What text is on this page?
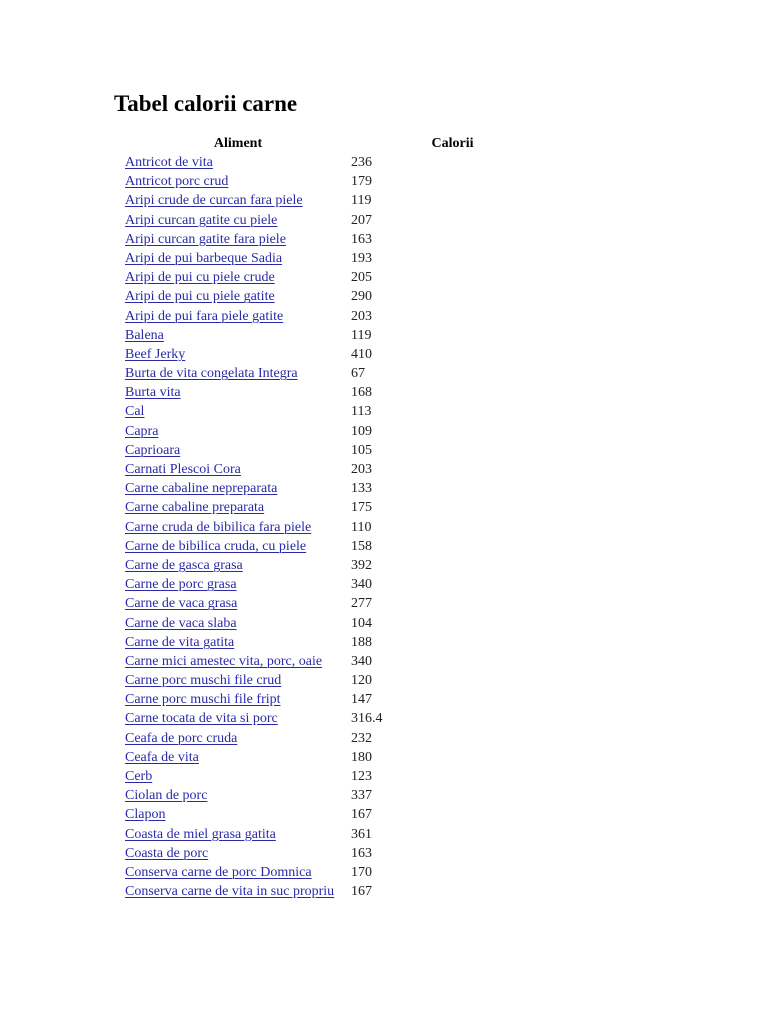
Tabel calorii carne
Aliment	Calorii
Antricot de vita	236
Antricot porc crud	179
Aripi crude de curcan fara piele	119
Aripi curcan gatite cu piele	207
Aripi curcan gatite fara piele	163
Aripi de pui barbeque Sadia	193
Aripi de pui cu piele crude	205
Aripi de pui cu piele gatite	290
Aripi de pui fara piele gatite	203
Balena	119
Beef Jerky	410
Burta de vita congelata Integra	67
Burta vita	168
Cal	113
Capra	109
Caprioara	105
Carnati Plescoi Cora	203
Carne cabaline nepreparata	133
Carne cabaline preparata	175
Carne cruda de bibilica fara piele	110
Carne de bibilica cruda, cu piele	158
Carne de gasca grasa	392
Carne de porc grasa	340
Carne de vaca grasa	277
Carne de vaca slaba	104
Carne de vita gatita	188
Carne mici amestec vita, porc, oaie 340
Carne porc muschi file crud	120
Carne porc muschi file fript	147
Carne tocata de vita si porc	316.4
Ceafa de porc cruda	232
Ceafa de vita	180
Cerb	123
Ciolan de porc	337
Clapon	167
Coasta de miel grasa gatita	361
Coasta de porc	163
Conserva carne de porc Domnica	170
Conserva carne de vita in suc propriu 167
